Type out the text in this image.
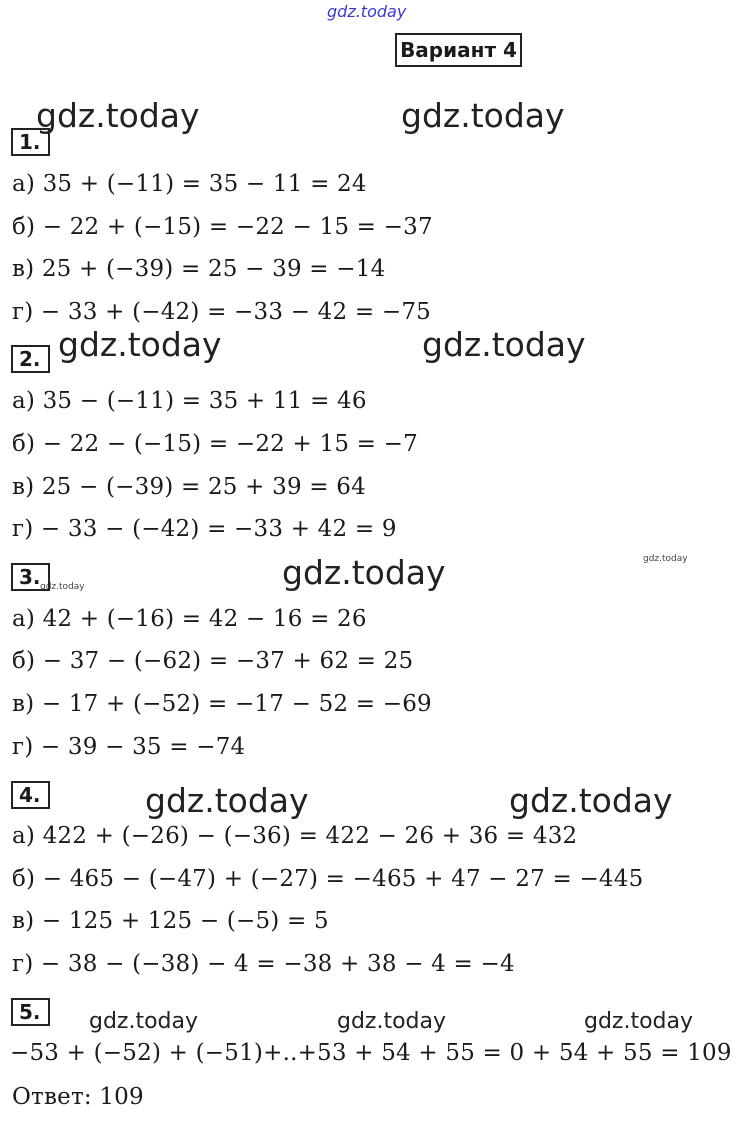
gdz.today
Вариант 4
gdz.today	gdz.today
gdz.today	gdz.today
gdz.today	gdz.today
gdz.today
gdz.today	gdz.today
gdz.today	gdz.today	gdz.today
1.
а) 35 + (−11) = 35 − 11 = 24
б) − 22 + (−15) = −22 − 15 = −37
в) 25 + (−39) = 25 − 39 = −14
г) − 33 + (−42) = −33 − 42 = −75
2.
а) 35 − (−11) = 35 + 11 = 46
б) − 22 − (−15) = −22 + 15 = −7
в) 25 − (−39) = 25 + 39 = 64
г) − 33 − (−42) = −33 + 42 = 9
3.
а) 42 + (−16) = 42 − 16 = 26
б) − 37 − (−62) = −37 + 62 = 25
в) − 17 + (−52) = −17 − 52 = −69
г) − 39 − 35 = −74
4.
а) 422 + (−26) − (−36) = 422 − 26 + 36 = 432
б) − 465 − (−47) + (−27) = −465 + 47 − 27 = −445
в) − 125 + 125 − (−5) = 5
г) − 38 − (−38) − 4 = −38 + 38 − 4 = −4
5.
−53 + (−52) + (−51)+..+53 + 54 + 55 = 0 + 54 + 55 = 109
Ответ: 109
